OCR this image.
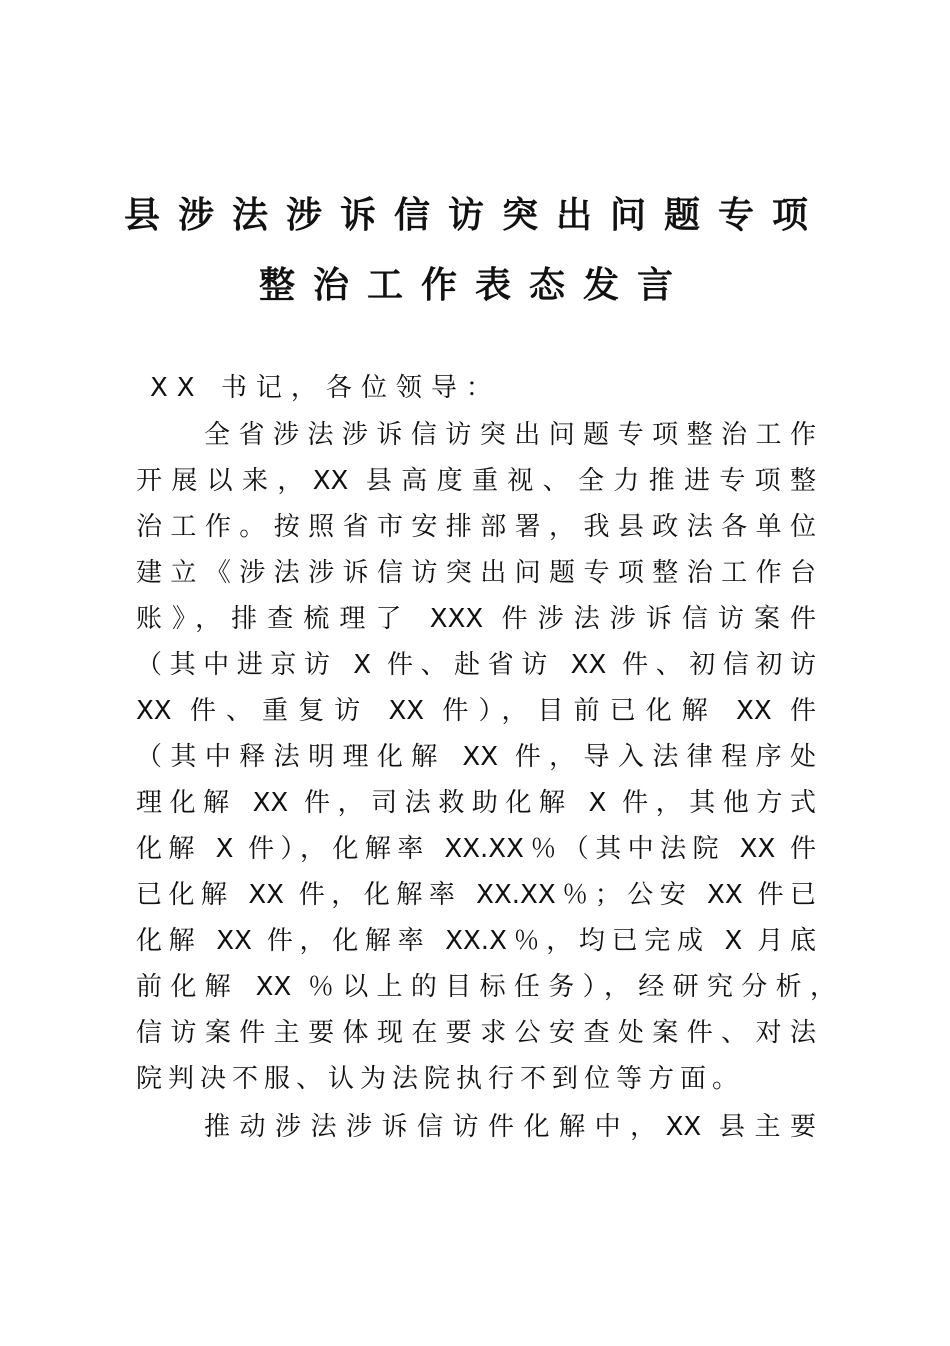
县涉法涉诉信访突出问题专项
整治工作表态发言
XX 书记，各位领导：
全省涉法涉诉信访突出问题专项整治工作
开展以来，XX 县高度重视、全力推进专项整
治工作。按照省市安排部署，我县政法各单位
建立《涉法涉诉信访突出问题专项整治工作台
账》，排查梳理了 XXX 件涉法涉诉信访案件
（其中进京访 X 件、赴省访 XX 件、初信初访
XX 件、重复访 XX 件），目前已化解 XX 件
（其中释法明理化解 XX 件，导入法律程序处
理化解 XX 件，司法救助化解 X 件，其他方式
化解 X 件），化解率 XX.XX％（其中法院 XX 件
已化解 XX 件，化解率 XX.XX％；公安 XX 件已
化解 XX 件，化解率 XX.X％，均已完成 X 月底
前化解 XX ％以上的目标任务），经研究分析，
信访案件主要体现在要求公安查处案件、对法
院判决不服、认为法院执行不到位等方面。
推动涉法涉诉信访件化解中，XX 县主要
